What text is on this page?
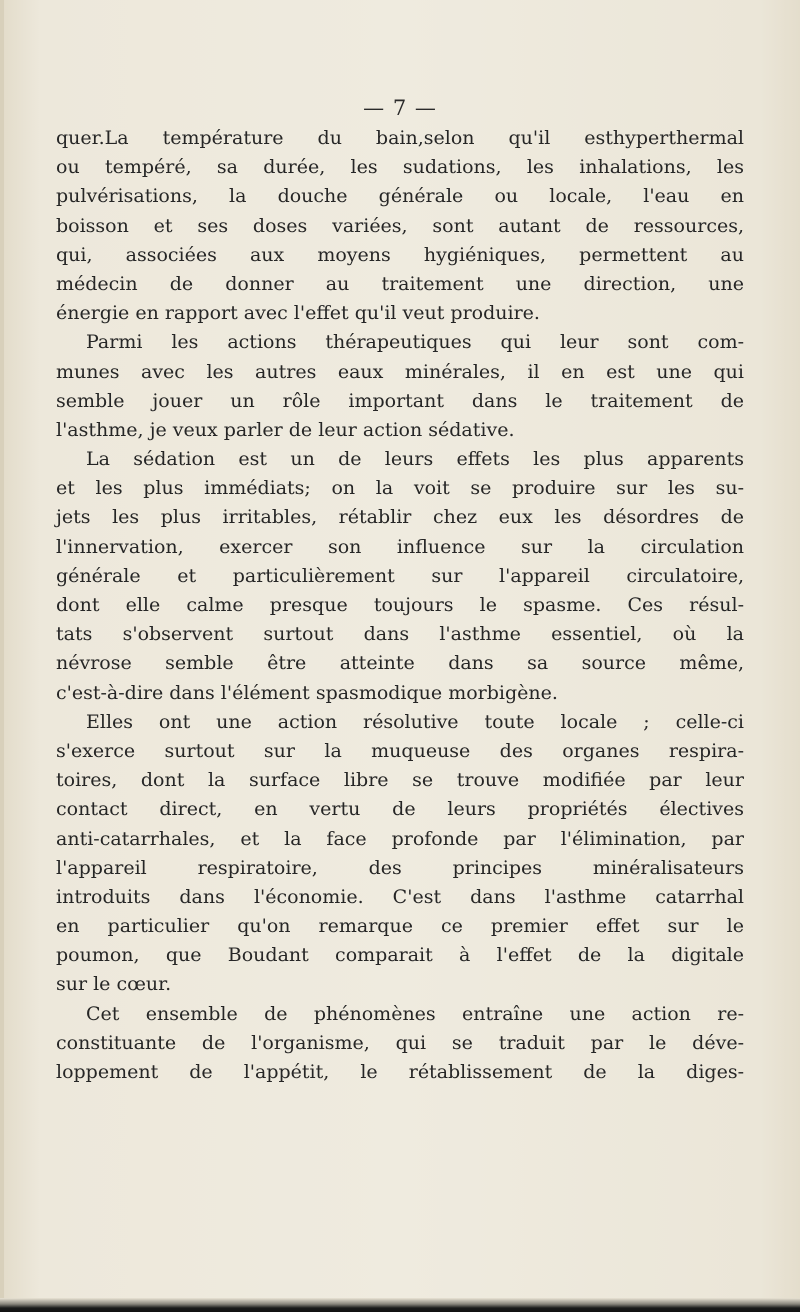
— 7 —
quer.La température du bain,selon qu'il esthyperthermal
ou tempéré, sa durée, les sudations, les inhalations, les
pulvérisations, la douche générale ou locale, l'eau en
boisson et ses doses variées, sont autant de ressources,
qui, associées aux moyens hygiéniques, permettent au
médecin de donner au traitement une direction, une
énergie en rapport avec l'effet qu'il veut produire.
Parmi les actions thérapeutiques qui leur sont com-
munes avec les autres eaux minérales, il en est une qui
semble jouer un rôle important dans le traitement de
l'asthme, je veux parler de leur action sédative.
La sédation est un de leurs effets les plus apparents
et les plus immédiats; on la voit se produire sur les su-
jets les plus irritables, rétablir chez eux les désordres de
l'innervation, exercer son influence sur la circulation
générale et particulièrement sur l'appareil circulatoire,
dont elle calme presque toujours le spasme. Ces résul-
tats s'observent surtout dans l'asthme essentiel, où la
névrose semble être atteinte dans sa source même,
c'est-à-dire dans l'élément spasmodique morbigène.
Elles ont une action résolutive toute locale ; celle-ci
s'exerce surtout sur la muqueuse des organes respira-
toires, dont la surface libre se trouve modifiée par leur
contact direct, en vertu de leurs propriétés électives
anti-catarrhales, et la face profonde par l'élimination, par
l'appareil respiratoire, des principes minéralisateurs
introduits dans l'économie. C'est dans l'asthme catarrhal
en particulier qu'on remarque ce premier effet sur le
poumon, que Boudant comparait à l'effet de la digitale
sur le cœur.
Cet ensemble de phénomènes entraîne une action re-
constituante de l'organisme, qui se traduit par le déve-
loppement de l'appétit, le rétablissement de la diges-
